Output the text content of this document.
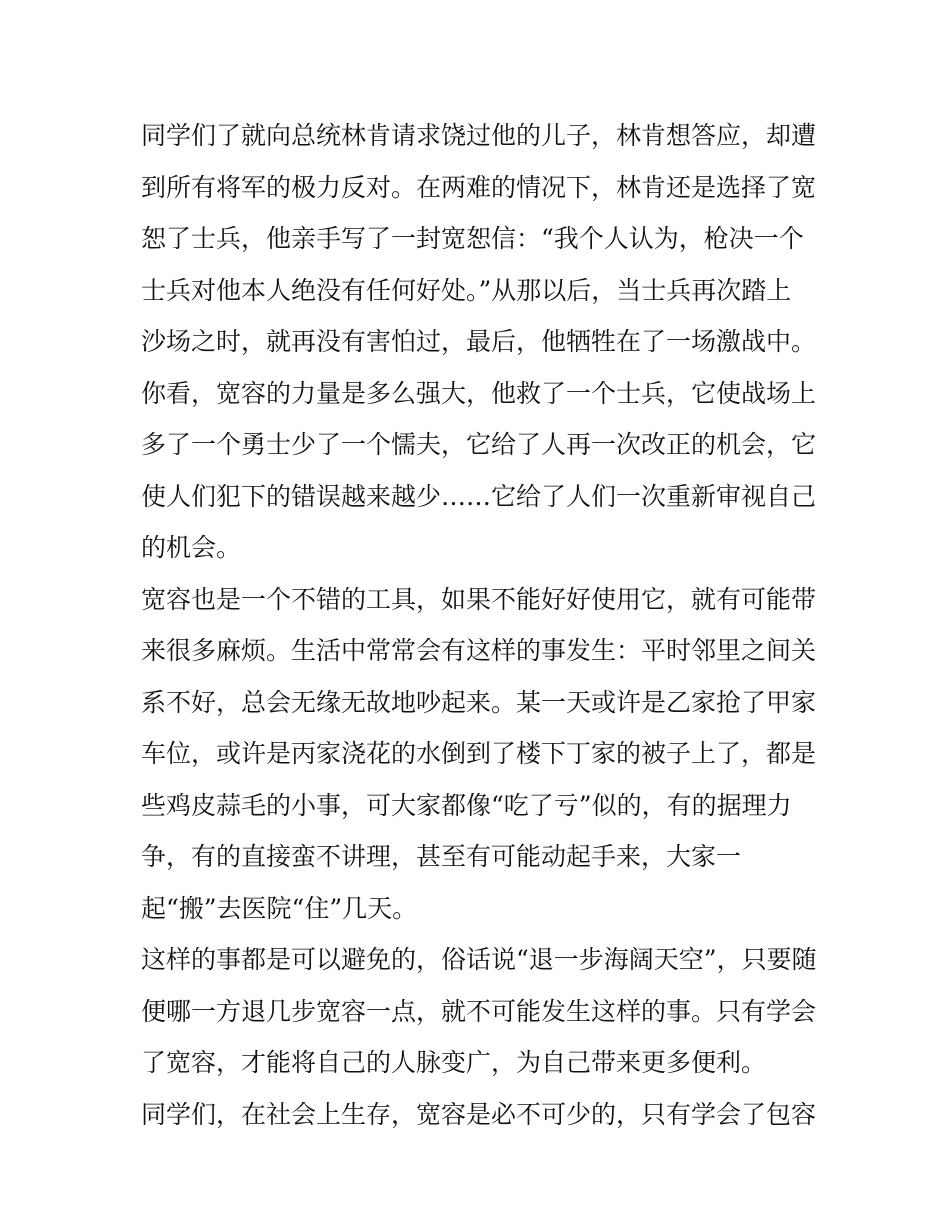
同学们了就向总统林肯请求饶过他的儿子，林肯想答应，却遭
到所有将军的极力反对。在两难的情况下，林肯还是选择了宽
恕了士兵，他亲手写了一封宽恕信：“我个人认为，枪决一个
士兵对他本人绝没有任何好处。”从那以后，当士兵再次踏上
沙场之时，就再没有害怕过，最后，他牺牲在了一场激战中。
你看，宽容的力量是多么强大，他救了一个士兵，它使战场上
多了一个勇士少了一个懦夫，它给了人再一次改正的机会，它
使人们犯下的错误越来越少……它给了人们一次重新审视自己
的机会。
宽容也是一个不错的工具，如果不能好好使用它，就有可能带
来很多麻烦。生活中常常会有这样的事发生：平时邻里之间关
系不好，总会无缘无故地吵起来。某一天或许是乙家抢了甲家
车位，或许是丙家浇花的水倒到了楼下丁家的被子上了，都是
些鸡皮蒜毛的小事，可大家都像“吃了亏”似的，有的据理力
争，有的直接蛮不讲理，甚至有可能动起手来，大家一
起“搬”去医院“住”几天。
这样的事都是可以避免的，俗话说“退一步海阔天空”，只要随
便哪一方退几步宽容一点，就不可能发生这样的事。只有学会
了宽容，才能将自己的人脉变广，为自己带来更多便利。
同学们，在社会上生存，宽容是必不可少的，只有学会了包容
